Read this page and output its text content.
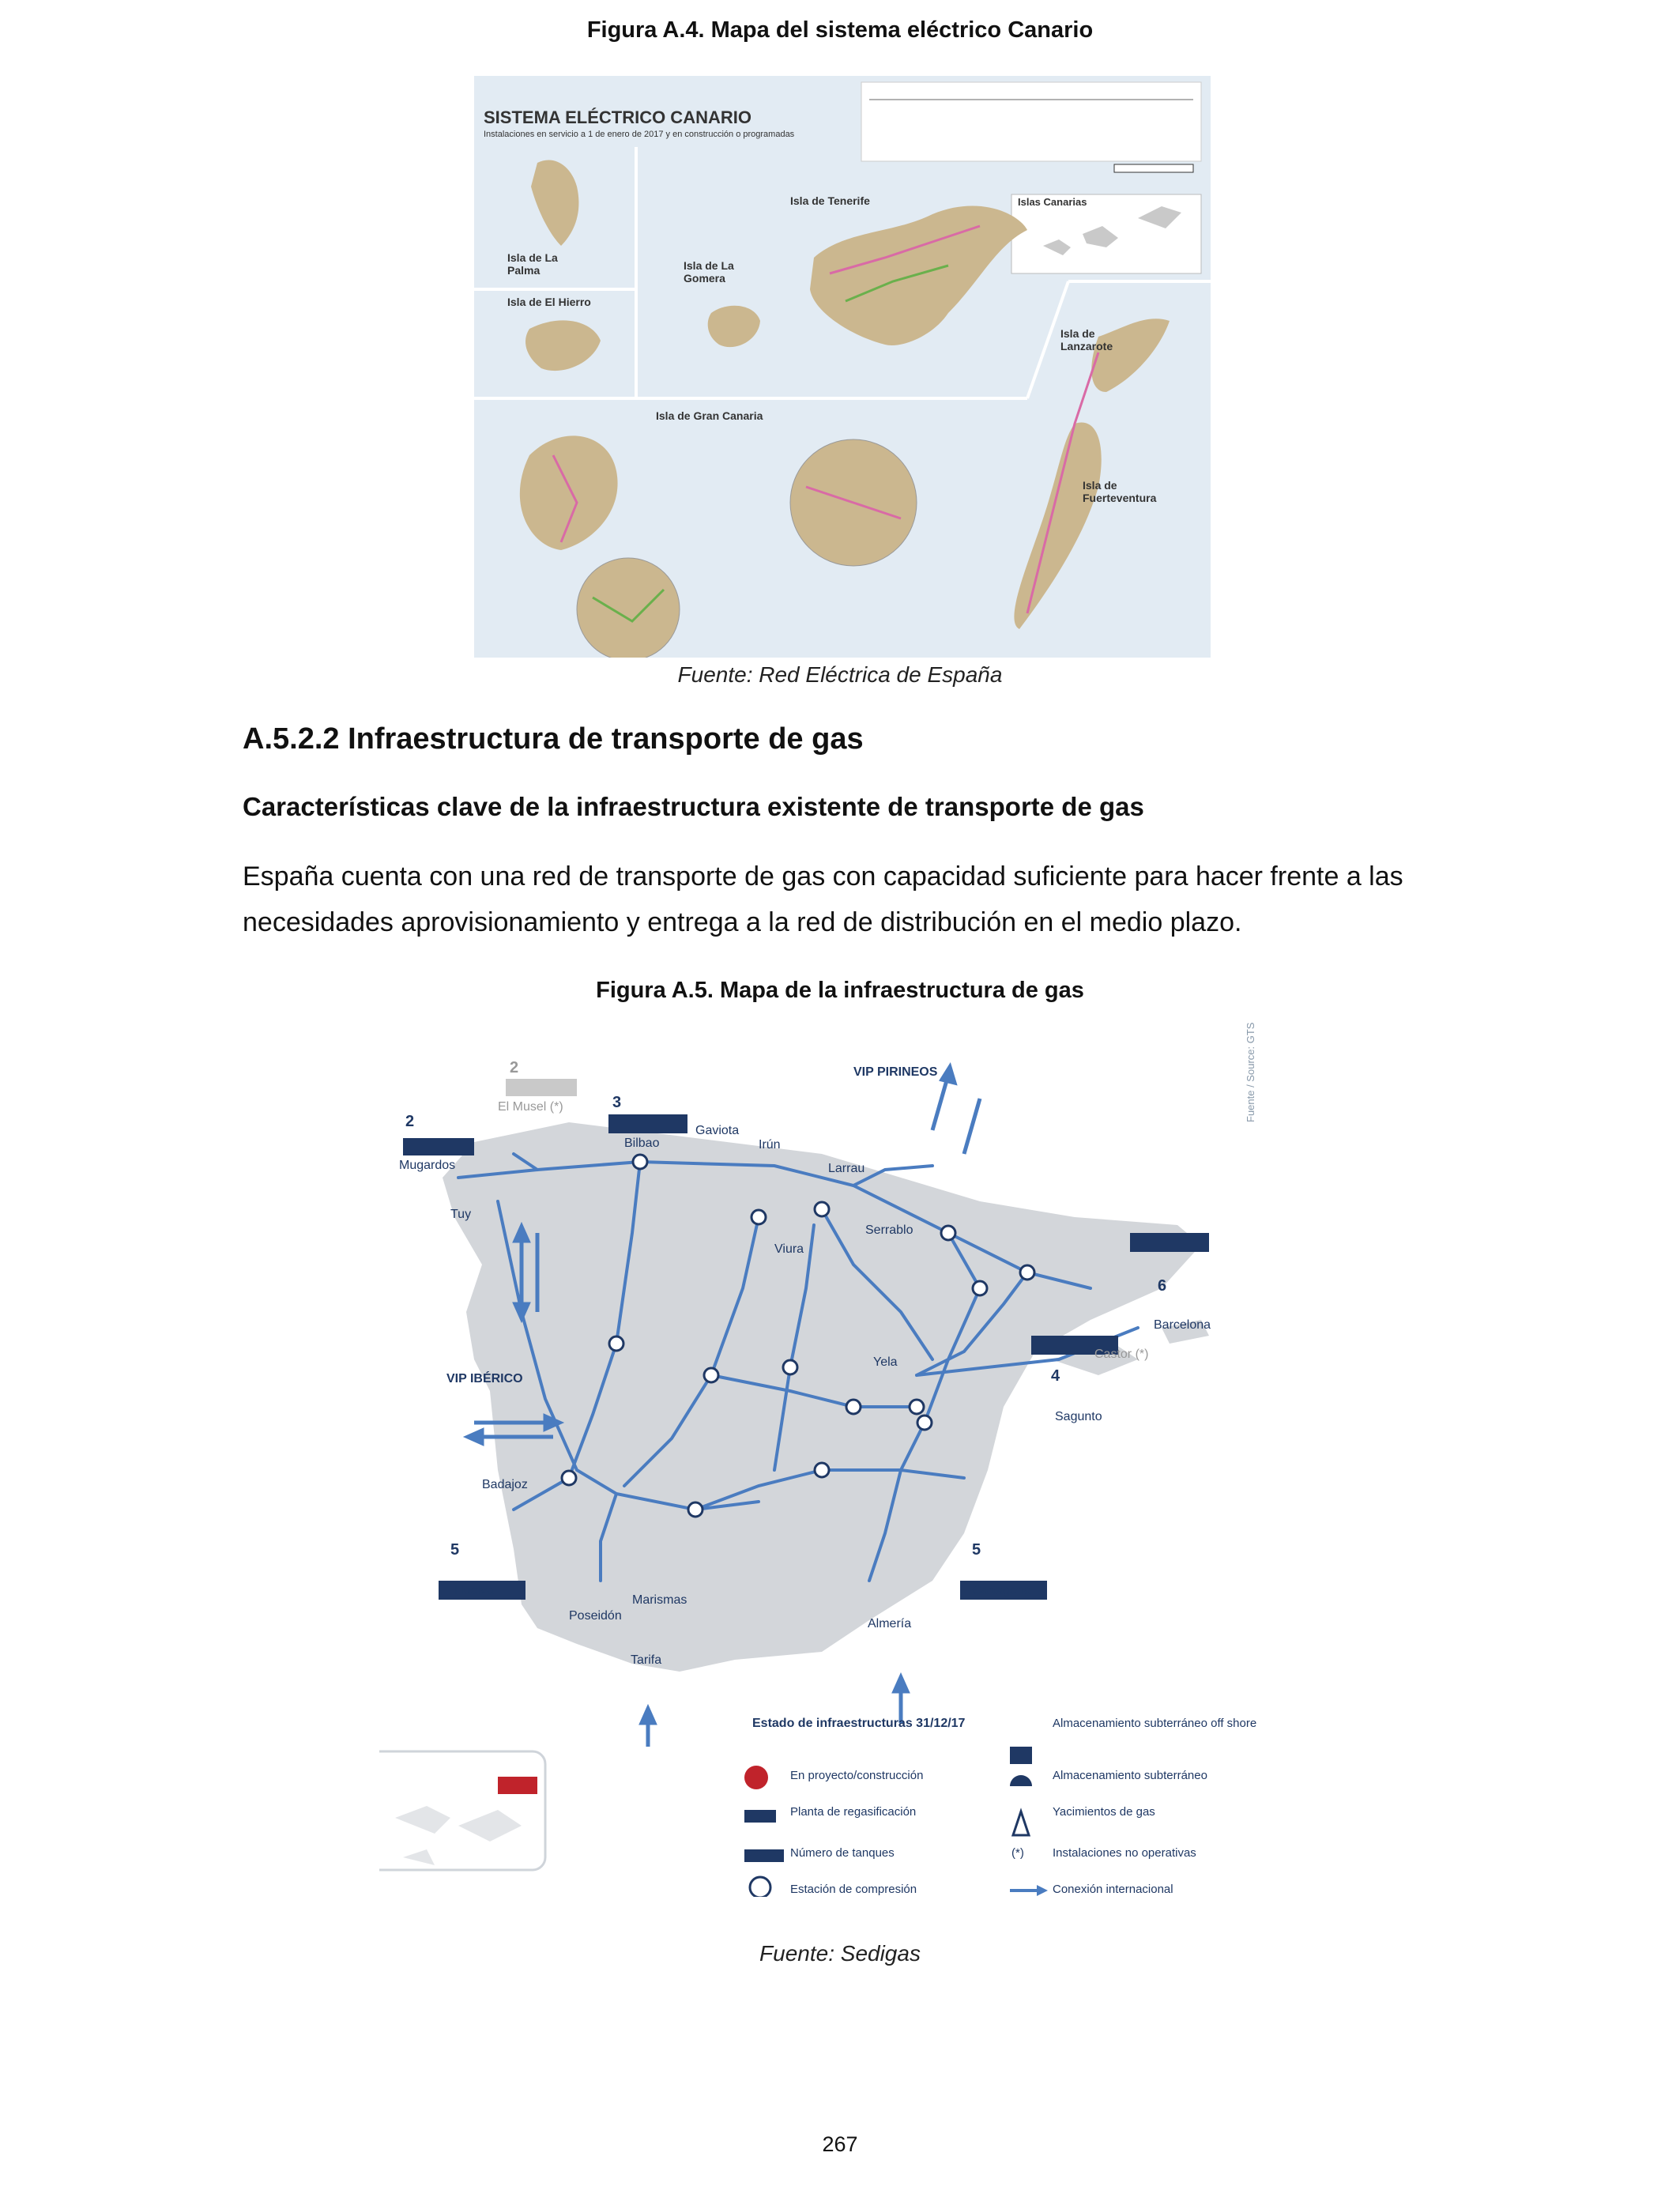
Figura A.4. Mapa del sistema eléctrico Canario
SISTEMA ELÉCTRICO CANARIO
Instalaciones en servicio a 1 de enero de 2017 y en construcción o programadas
Isla de La Palma
Isla de El Hierro
Isla de Tenerife
Isla de La Gomera
Isla de Gran Canaria
Isla de Lanzarote
Isla de Fuerteventura
Islas Canarias
Fuente: Red Eléctrica de España
A.5.2.2 Infraestructura de transporte de gas
Características clave de la infraestructura existente de transporte de gas
España cuenta con una red de transporte de gas con capacidad suficiente para hacer frente a las necesidades aprovisionamiento y entrega a la red de distribución en el medio plazo.
Figura A.5. Mapa de la infraestructura de gas
Fuente / Source: GTS
2
Mugardos
2
El Musel (*)	3
Bilbao
Gaviota
Irún
Larrau
VIP PIRINEOS
Tuy
Serrablo
Viura
6
Barcelona
Castor (*)
Yela
VIP IBÉRICO	4
Sagunto
Badajoz
5
Huelva
5
Cartagena
Marismas
Poseidón
Almería
Tarifa
Estado de infraestructuras 31/12/17
En proyecto/construcción
Planta de regasificación
Número de tanques
Estación de compresión
Almacenamiento subterráneo off shore
Almacenamiento subterráneo
Yacimientos de gas
(*) Instalaciones no operativas
Conexión internacional
Fuente: Sedigas
267
